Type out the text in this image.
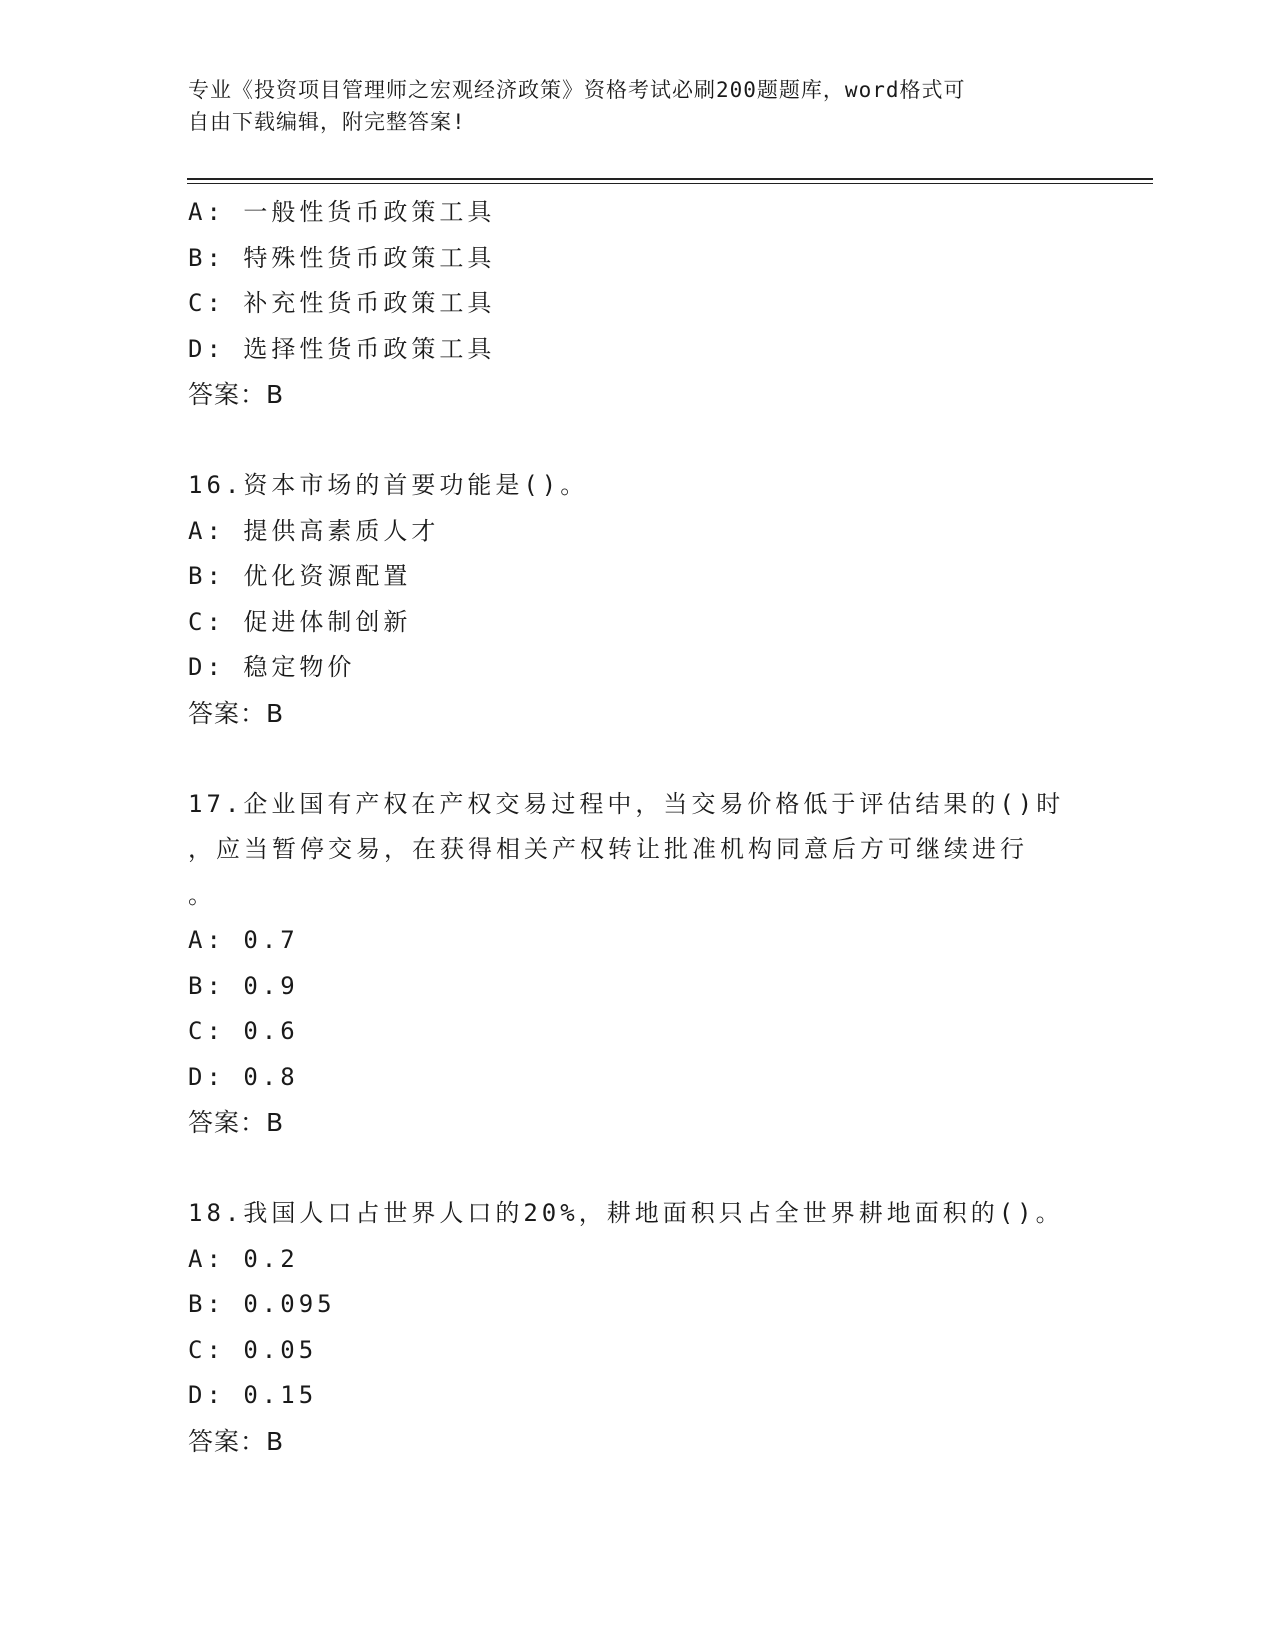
专业《投资项目管理师之宏观经济政策》资格考试必刷200题题库，word格式可
自由下载编辑，附完整答案!
A: 一般性货币政策工具
B: 特殊性货币政策工具
C: 补充性货币政策工具
D: 选择性货币政策工具
答案：B
16.资本市场的首要功能是()。
A: 提供高素质人才
B: 优化资源配置
C: 促进体制创新
D: 稳定物价
答案：B
17.企业国有产权在产权交易过程中，当交易价格低于评估结果的()时
，应当暂停交易，在获得相关产权转让批准机构同意后方可继续进行
。
A: 0.7
B: 0.9
C: 0.6
D: 0.8
答案：B
18.我国人口占世界人口的20%，耕地面积只占全世界耕地面积的()。
A: 0.2
B: 0.095
C: 0.05
D: 0.15
答案：B
